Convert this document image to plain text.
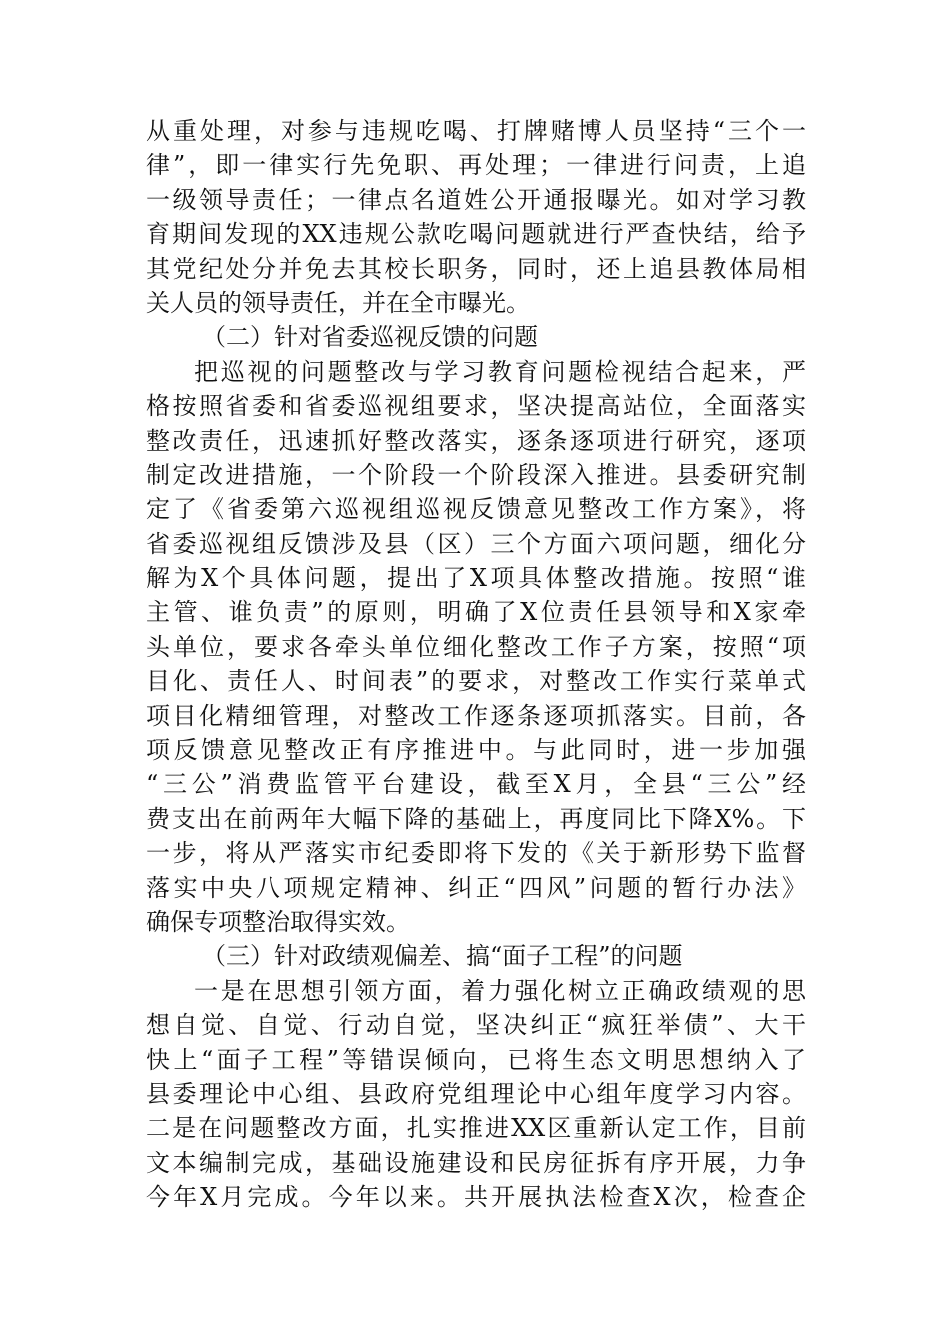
从重处理，对参与违规吃喝、打牌赌博人员坚持“三个一
律”，即一律实行先免职、再处理；一律进行问责，上追
一级领导责任；一律点名道姓公开通报曝光。如对学习教
育期间发现的XX违规公款吃喝问题就进行严查快结，给予
其党纪处分并免去其校长职务，同时，还上追县教体局相
关人员的领导责任，并在全市曝光。
（二）针对省委巡视反馈的问题
把巡视的问题整改与学习教育问题检视结合起来，严
格按照省委和省委巡视组要求，坚决提高站位，全面落实
整改责任，迅速抓好整改落实，逐条逐项进行研究，逐项
制定改进措施，一个阶段一个阶段深入推进。县委研究制
定了《省委第六巡视组巡视反馈意见整改工作方案》，将
省委巡视组反馈涉及县（区）三个方面六项问题，细化分
解为X个具体问题，提出了X项具体整改措施。按照“谁
主管、谁负责”的原则，明确了X位责任县领导和X家牵
头单位，要求各牵头单位细化整改工作子方案，按照“项
目化、责任人、时间表”的要求，对整改工作实行菜单式
项目化精细管理，对整改工作逐条逐项抓落实。目前，各
项反馈意见整改正有序推进中。与此同时，进一步加强
“三公”消费监管平台建设，截至X月，全县“三公”经
费支出在前两年大幅下降的基础上，再度同比下降X%。下
一步，将从严落实市纪委即将下发的《关于新形势下监督
落实中央八项规定精神、纠正“四风”问题的暂行办法》
确保专项整治取得实效。
（三）针对政绩观偏差、搞“面子工程”的问题
一是在思想引领方面，着力强化树立正确政绩观的思
想自觉、自觉、行动自觉，坚决纠正“疯狂举债”、大干
快上“面子工程”等错误倾向，已将生态文明思想纳入了
县委理论中心组、县政府党组理论中心组年度学习内容。
二是在问题整改方面，扎实推进XX区重新认定工作，目前
文本编制完成，基础设施建设和民房征拆有序开展，力争
今年X月完成。今年以来。共开展执法检查X次，检查企
